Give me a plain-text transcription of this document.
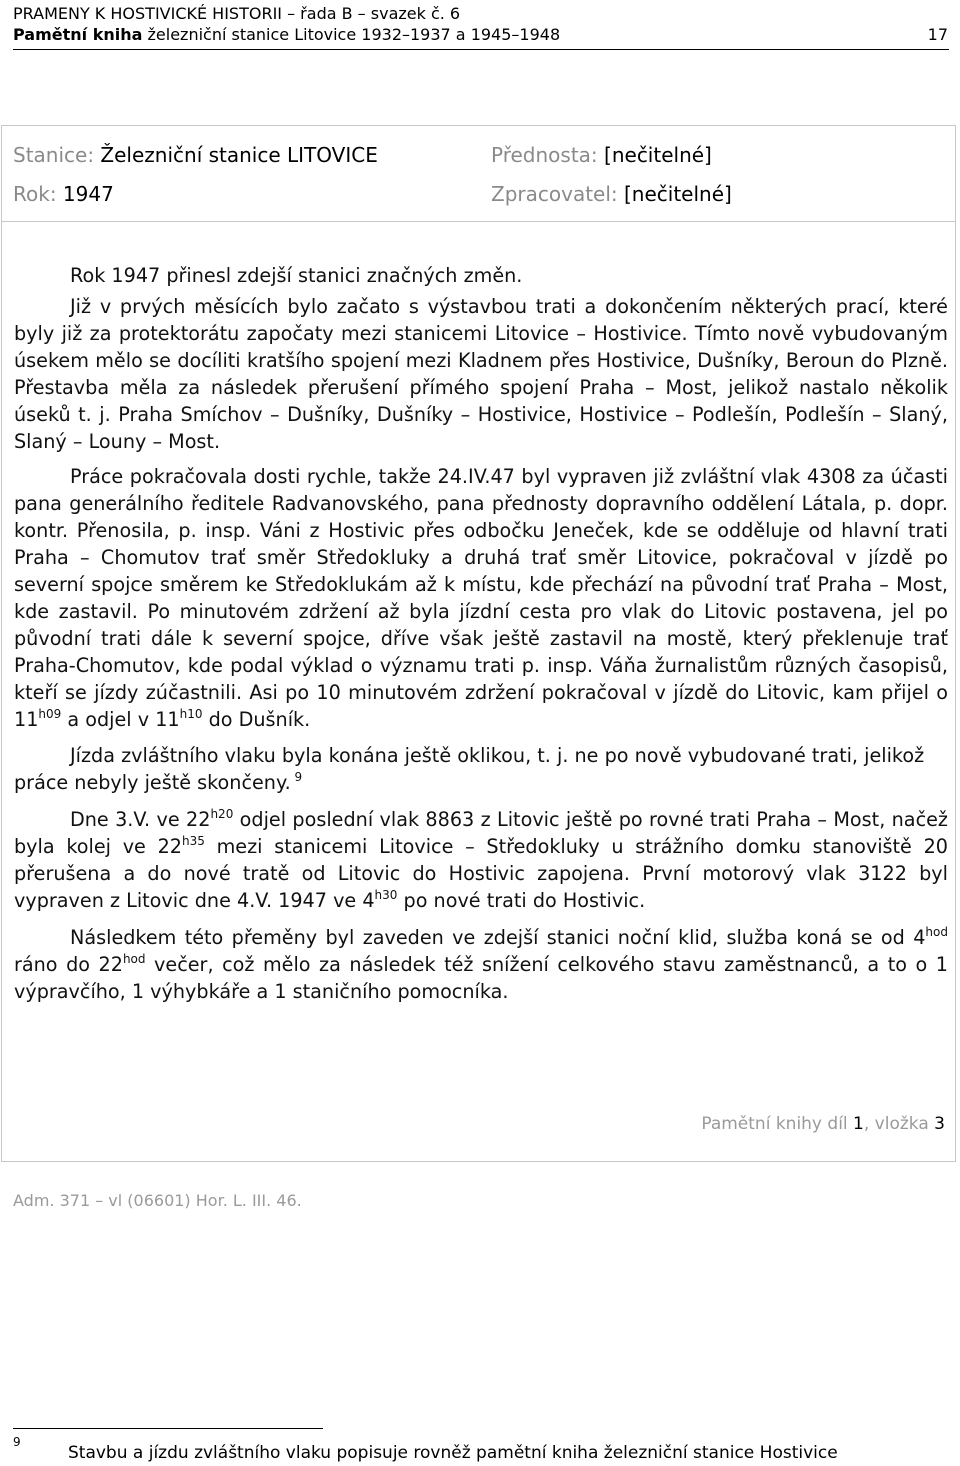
PRAMENY K HOSTIVICKÉ HISTORII – řada B – svazek č. 6
Pamětní kniha železniční stanice Litovice 1932–1937 a 1945–1948	17
Stanice: Železniční stanice LITOVICE
Rok: 1947
Přednosta: [nečitelné]
Zpracovatel: [nečitelné]

Rok 1947 přinesl zdejší stanici značných změn.

Již v prvých měsících bylo začato s výstavbou trati a dokončením některých prací, které byly již za protektorátu započaty mezi stanicemi Litovice – Hostivice. Tímto nově vybudovaným úsekem mělo se docíliti kratšího spojení mezi Kladnem přes Hostivice, Dušníky, Beroun do Plzně. Přestavba měla za následek přerušení přímého spojení Praha – Most, jelikož nastalo několik úseků t. j. Praha Smíchov – Dušníky, Dušníky – Hostivice, Hostivice – Podlešín, Podlešín – Slaný, Slaný – Louny – Most.

Práce pokračovala dosti rychle, takže 24.IV.47 byl vypraven již zvláštní vlak 4308 za účasti pana generálního ředitele Radvanovského, pana přednosty dopravního oddělení Látala, p. dopr. kontr. Přenosila, p. insp. Váni z Hostivic přes odbočku Jeneček, kde se odděluje od hlavní trati Praha – Chomutov trať směr Středokluky a druhá trať směr Litovice, pokračoval v jízdě po severní spojce směrem ke Středoklukám až k místu, kde přechází na původní trať Praha – Most, kde zastavil. Po minutovém zdržení až byla jízdní cesta pro vlak do Litovic postavena, jel po původní trati dále k severní spojce, dříve však ještě zastavil na mostě, který překlenuje trať Praha-Chomutov, kde podal výklad o významu trati p. insp. Váňa žurnalistům různých časopisů, kteří se jízdy zúčastnili. Asi po 10 minutovém zdržení pokračoval v jízdě do Litovic, kam přijel o $11^{h09}$ a odjel v $11^{h10}$ do Dušník.

Jízda zvláštního vlaku byla konána ještě oklikou, t. j. ne po nově vybudované trati, jelikož práce nebyly ještě skončeny. $^9$

Dne 3.V. ve $22^{h20}$ odjel poslední vlak 8863 z Litovic ještě po rovné trati Praha – Most, načež byla kolej ve $22^{h35}$ mezi stanicemi Litovice – Středokluky u strážního domku stanoviště 20 přerušena a do nové tratě od Litovic do Hostivic zapojena. První motorový vlak 3122 byl vypraven z Litovic dne 4.V. 1947 ve $4^{h30}$ po nové trati do Hostivic.

Následkem této přeměny byl zaveden ve zdejší stanici noční klid, služba koná se od $4^{hod}$ ráno do $22^{hod}$ večer, což mělo za následek též snížení celkového stavu zaměstnanců, a to o 1 výpravčího, 1 výhybkáře a 1 staničního pomocníka.

Pamětní knihy díl 1, vložka 3
Adm. 371 – vl (06601) Hor. L. III. 46.
9
Stavbu a jízdu zvláštního vlaku popisuje rovněž pamětní kniha železniční stanice Hostivice
